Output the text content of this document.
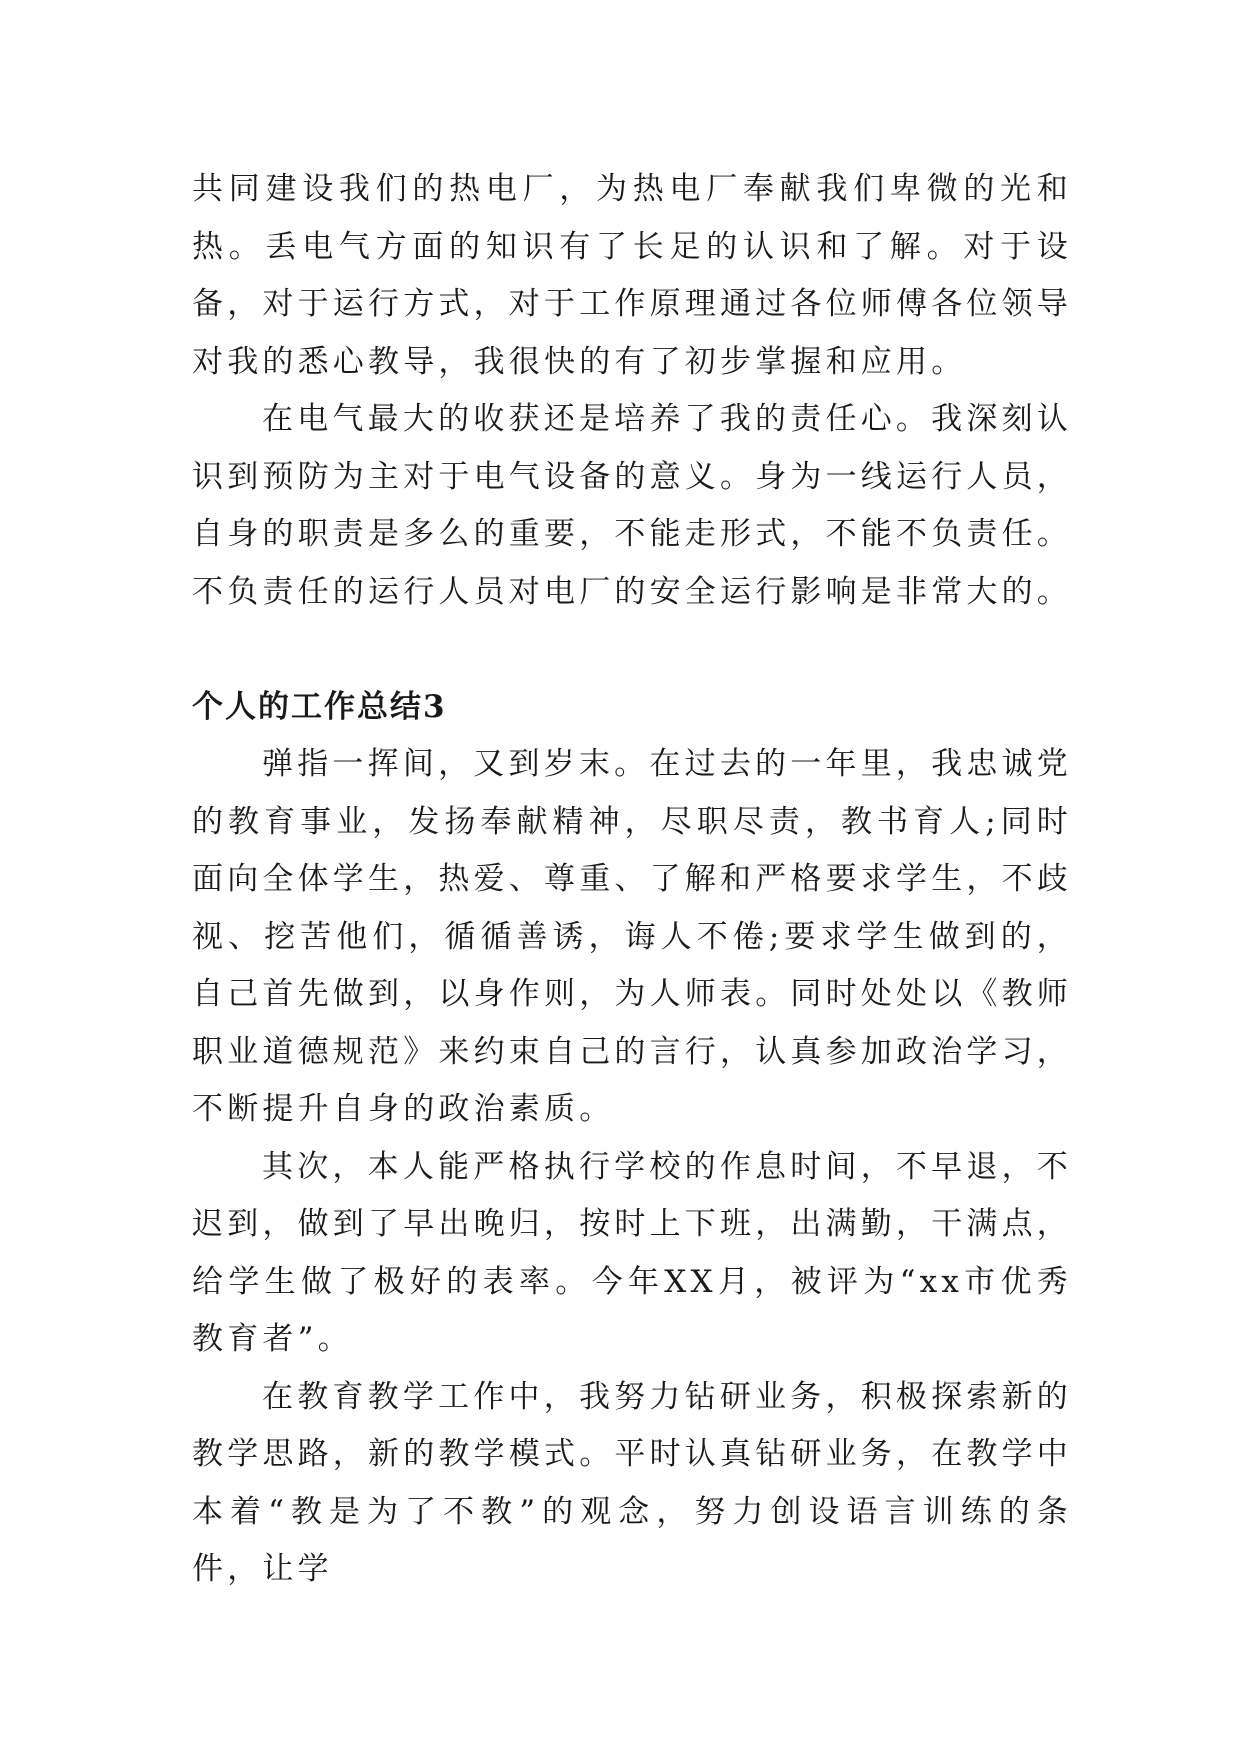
共同建设我们的热电厂，为热电厂奉献我们卑微的光和热。丢电气方面的知识有了长足的认识和了解。对于设备，对于运行方式，对于工作原理通过各位师傅各位领导对我的悉心教导，我很快的有了初步掌握和应用。

在电气最大的收获还是培养了我的责任心。我深刻认识到预防为主对于电气设备的意义。身为一线运行人员，自身的职责是多么的重要，不能走形式，不能不负责任。不负责任的运行人员对电厂的安全运行影响是非常大的。

个人的工作总结3

弹指一挥间，又到岁末。在过去的一年里，我忠诚党的教育事业，发扬奉献精神，尽职尽责，教书育人;同时面向全体学生，热爱、尊重、了解和严格要求学生，不歧视、挖苦他们，循循善诱，诲人不倦;要求学生做到的，自己首先做到，以身作则，为人师表。同时处处以《教师职业道德规范》来约束自己的言行，认真参加政治学习，不断提升自身的政治素质。

其次，本人能严格执行学校的作息时间，不早退，不迟到，做到了早出晚归，按时上下班，出满勤，干满点，给学生做了极好的表率。今年XX月，被评为“xx市优秀教育者”。

在教育教学工作中，我努力钻研业务，积极探索新的教学思路，新的教学模式。平时认真钻研业务，在教学中本着“教是为了不教”的观念，努力创设语言训练的条件，让学
